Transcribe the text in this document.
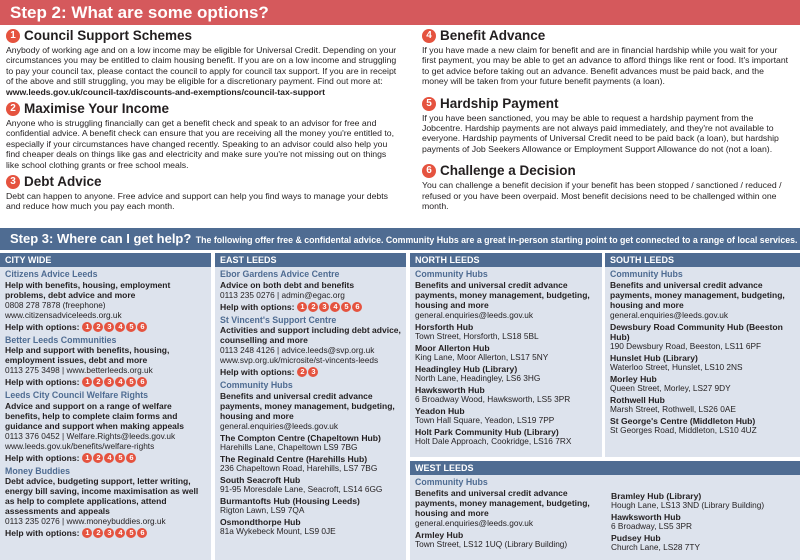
Step 2: What are some options?
1 Council Support Schemes

Anybody of working age and on a low income may be eligible for Universal Credit. Depending on your circumstances you may be entitled to claim housing benefit. If you are on a low income and struggling to pay your council tax, please contact the council to apply for council tax support. If you are in receipt of the above and still struggling, you may be eligible for a discretionary payment. Find out more at:

www.leeds.gov.uk/council-tax/discounts-and-exemptions/council-tax-support

2 Maximise Your Income

Anyone who is struggling financially can get a benefit check and speak to an advisor for free and confidential advice. A benefit check can ensure that you are receiving all the money you're entitled to, especially if your circumstances have changed recently. Speaking to an advisor could also help you find cheaper deals on things like gas and electricity and make sure you're not missing out on things like school clothing grants or free school meals.

3 Debt Advice

Debt can happen to anyone. Free advice and support can help you find ways to manage your debts and reduce how much you pay each month.

4 Benefit Advance

If you have made a new claim for benefit and are in financial hardship while you wait for your first payment, you may be able to get an advance to afford things like rent or food. It's important to get advice before taking out an advance. Benefit advances must be paid back, and the money will be taken from your future benefit payments (a loan).

5 Hardship Payment

If you have been sanctioned, you may be able to request a hardship payment from the Jobcentre. Hardship payments are not always paid immediately, and they're not available to everyone. Hardship payments of Universal Credit need to be paid back (a loan), but hardship payments of Job Seekers Allowance or Employment Support Allowance do not (not a loan).

6 Challenge a Decision

You can challenge a benefit decision if your benefit has been stopped / sanctioned / reduced / refused or you have been overpaid. Most benefit decisions need to be challenged within one month.

Step 3: Where can I get help? The following offer free & confidental advice. Community Hubs are a great in-person starting point to get connected to a range of local services.
CITY WIDE
Citizens Advice Leeds
Help with benefits, housing, employment problems, debt advice and more
0808 278 7878 (freephone)
www.citizensadviceleeds.org.uk
Help with options: 1 2 3 4 5 6
Better Leeds Communities
Help and support with benefits, housing, employment issues, debt and more
0113 275 3498 | www.betterleeds.org.uk
Help with options: 1 2 3 4 5 6
Leeds City Council Welfare Rights
Advice and support on a range of welfare benefits, help to complete claim forms and guidance and support when making appeals
0113 376 0452 | Welfare.Rights@leeds.gov.uk
www.leeds.gov.uk/benefits/welfare-rights
Help with options: 1 2 4 5 6
Money Buddies
Debt advice, budgeting support, letter writing, energy bill saving, income maximisation as well as help to complete applications, attend assessments and appeals
0113 235 0276 | www.moneybuddies.org.uk
Help with options: 1 2 3 4 5 6
EAST LEEDS
Ebor Gardens Advice Centre
Advice on both debt and benefits
0113 235 0276 | admin@egac.org
Help with options: 1 2 3 4 5 6
St Vincent's Support Centre
Activities and support including debt advice, counselling and more
0113 248 4126 | advice.leeds@svp.org.uk
www.svp.org.uk/microsite/st-vincents-leeds
Help with options: 2 3
Community Hubs
Benefits and universal credit advance payments, money management, budgeting, housing and more
general.enquiries@leeds.gov.uk
The Compton Centre (Chapeltown Hub)
Harehills Lane, Chapeltown LS9 7BG
The Reginald Centre (Harehills Hub)
236 Chapeltown Road, Harehills, LS7 7BG
South Seacroft Hub
91-95 Moresdale Lane, Seacroft, LS14 6GG
Burmantofts Hub (Housing Leeds)
Rigton Lawn, LS9 7QA
Osmondthorpe Hub
81a Wykebeck Mount, LS9 0JE
NORTH LEEDS
Community Hubs
Benefits and universal credit advance payments, money management, budgeting, housing and more
general.enquiries@leeds.gov.uk
Horsforth Hub
Town Street, Horsforth, LS18 5BL
Moor Allerton Hub
King Lane, Moor Allerton, LS17 5NY
Headingley Hub (Library)
North Lane, Headingley, LS6 3HG
Hawksworth Hub
6 Broadway Wood, Hawksworth, LS5 3PR
Yeadon Hub
Town Hall Square, Yeadon, LS19 7PP
Holt Park Community Hub (Library)
Holt Dale Approach, Cookridge, LS16 7RX
SOUTH LEEDS
Community Hubs
Benefits and universal credit advance payments, money management, budgeting, housing and more
general.enquiries@leeds.gov.uk
Dewsbury Road Community Hub (Beeston Hub)
190 Dewsbury Road, Beeston, LS11 6PF
Hunslet Hub (Library)
Waterloo Street, Hunslet, LS10 2NS
Morley Hub
Queen Street, Morley, LS27 9DY
Rothwell Hub
Marsh Street, Rothwell, LS26 0AE
St George's Centre (Middleton Hub)
St Georges Road, Middleton, LS10 4UZ
WEST LEEDS
Community Hubs
Benefits and universal credit advance payments, money management, budgeting, housing and more
general.enquiries@leeds.gov.uk
Armley Hub
Town Street, LS12 1UQ (Library Building)
Bramley Hub (Library)
Hough Lane, LS13 3ND (Library Building)
Hawksworth Hub
6 Broadway, LS5 3PR
Pudsey Hub
Church Lane, LS28 7TY
